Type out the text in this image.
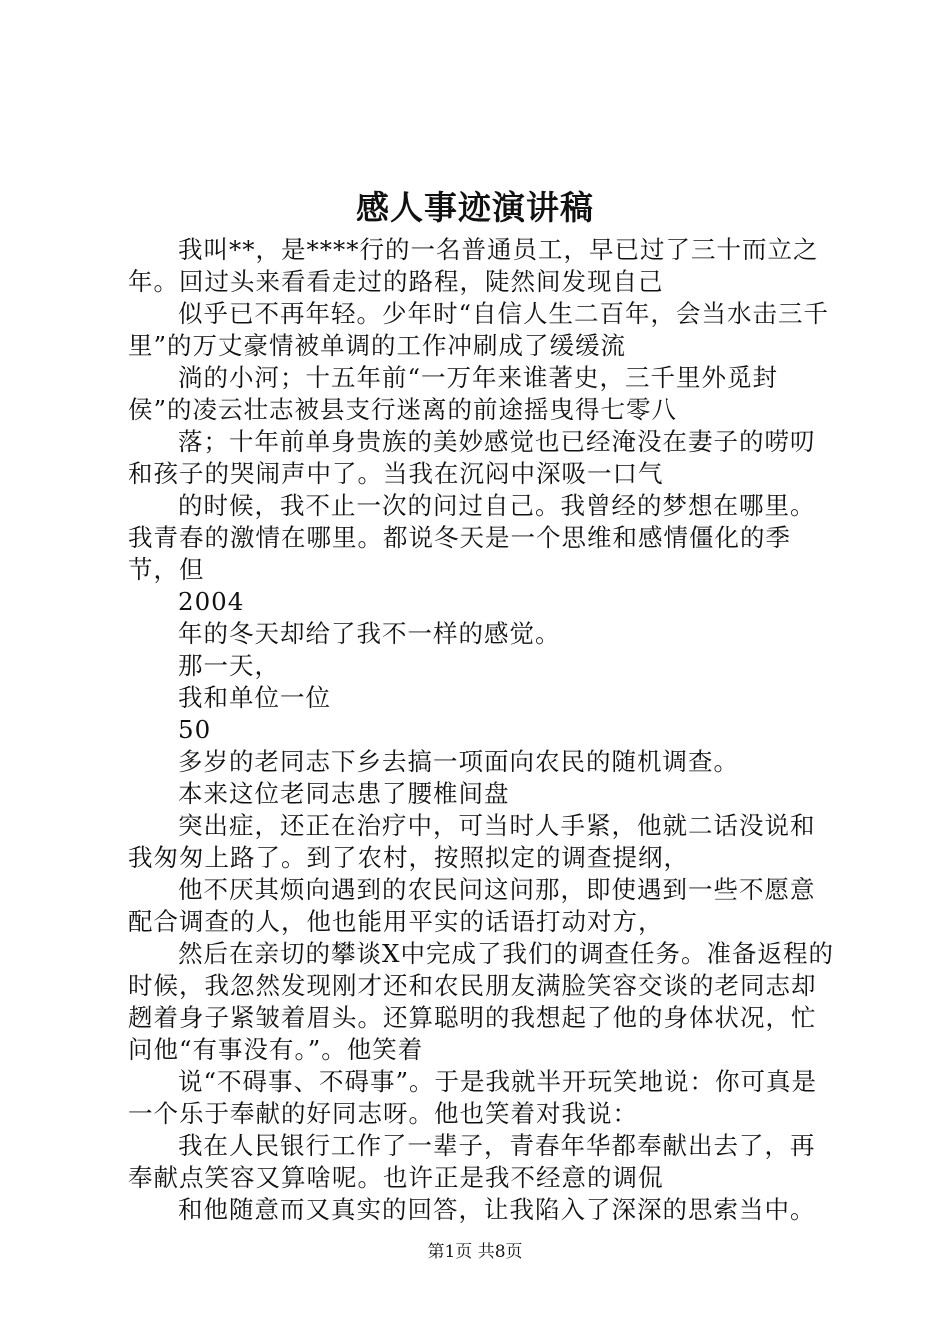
感人事迹演讲稿

我叫**，是****行的一名普通员工，早已过了三十而立之年。回过头来看看走过的路程，陡然间发现自己

似乎已不再年轻。少年时“自信人生二百年，会当水击三千里”的万丈豪情被单调的工作冲刷成了缓缓流

淌的小河；十五年前“一万年来谁著史，三千里外觅封侯”的凌云壮志被县支行迷离的前途摇曳得七零八

落；十年前单身贵族的美妙感觉也已经淹没在妻子的唠叨和孩子的哭闹声中了。当我在沉闷中深吸一口气

的时候，我不止一次的问过自己。我曾经的梦想在哪里。我青春的激情在哪里。都说冬天是一个思维和感情僵化的季节，但

2004

年的冬天却给了我不一样的感觉。

那一天，

我和单位一位

50

多岁的老同志下乡去搞一项面向农民的随机调查。

本来这位老同志患了腰椎间盘

突出症，还正在治疗中，可当时人手紧，他就二话没说和我匆匆上路了。到了农村，按照拟定的调查提纲，

他不厌其烦向遇到的农民问这问那，即使遇到一些不愿意配合调查的人，他也能用平实的话语打动对方，

然后在亲切的攀谈X中完成了我们的调查任务。准备返程的时候，我忽然发现刚才还和农民朋友满脸笑容交谈的老同志却趔着身子紧皱着眉头。还算聪明的我想起了他的身体状况，忙问他“有事没有。”。他笑着

说“不碍事、不碍事”。于是我就半开玩笑地说：你可真是一个乐于奉献的好同志呀。他也笑着对我说：

我在人民银行工作了一辈子，青春年华都奉献出去了，再奉献点笑容又算啥呢。也许正是我不经意的调侃

和他随意而又真实的回答，让我陷入了深深的思索当中。

第1页 共8页
